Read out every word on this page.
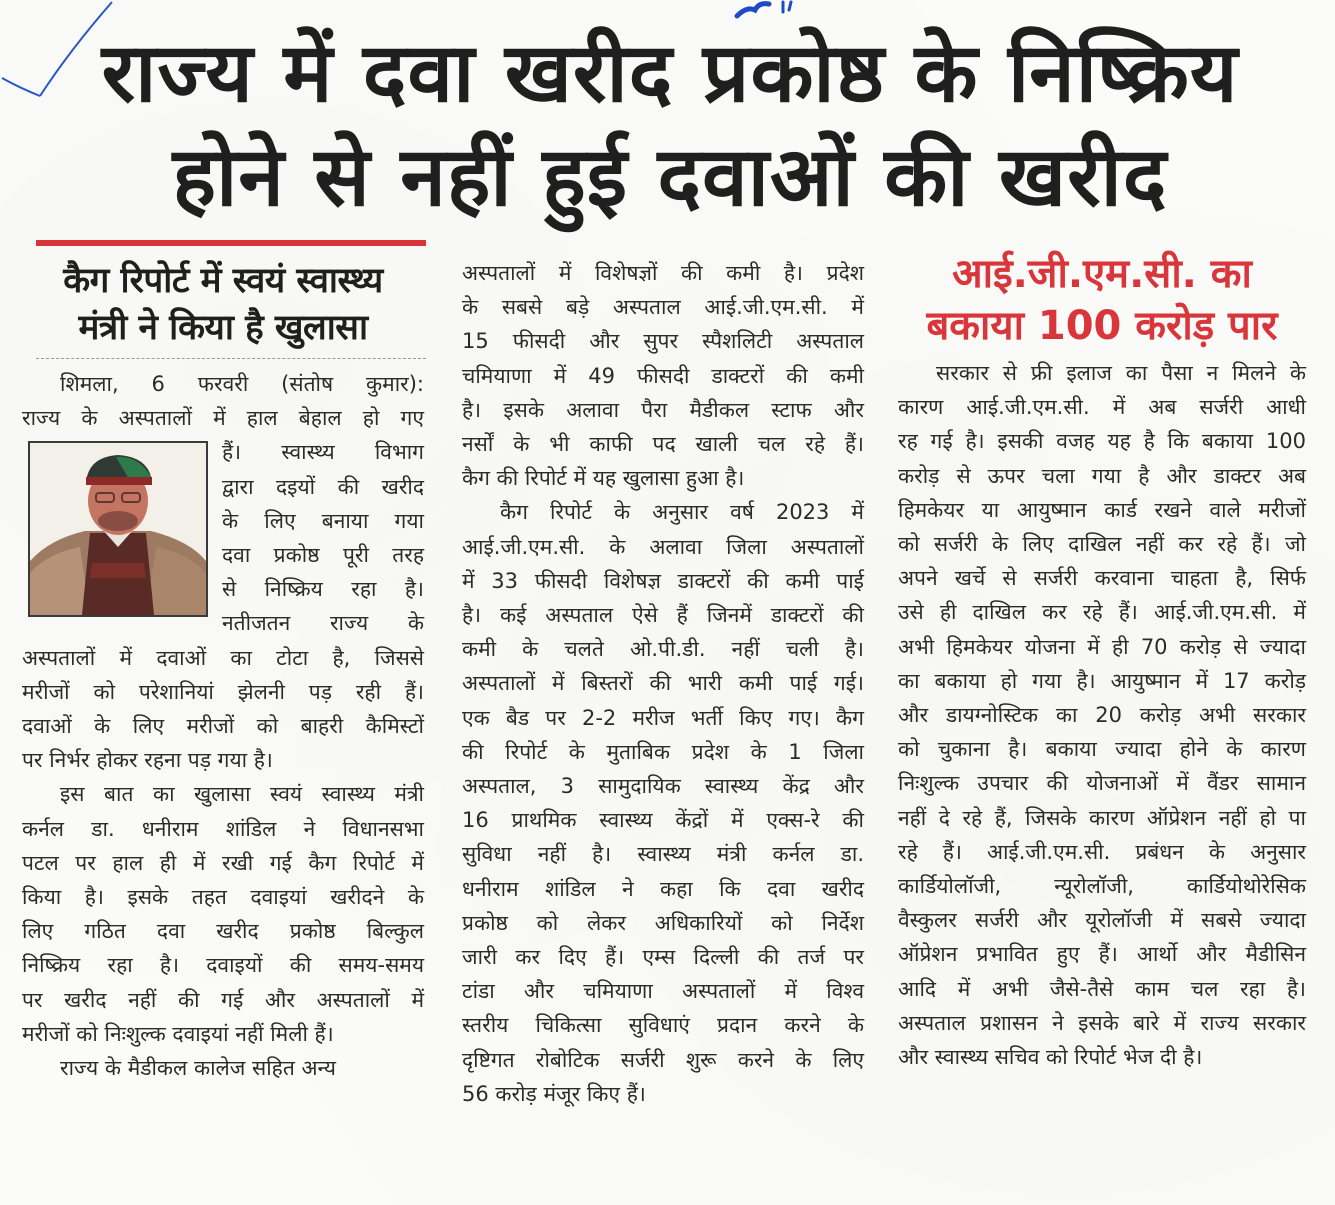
राज्य में दवा खरीद प्रकोष्ठ के निष्क्रिय
होने से नहीं हुई दवाओं की खरीद
कैग रिपोर्ट में स्वयं स्वास्थ्य
मंत्री ने किया है खुलासा
शिमला, 6 फरवरी (संतोष कुमार):
राज्य के अस्पतालों में हाल बेहाल हो गए
हैं। स्वास्थ्य विभाग
द्वारा दइयों की खरीद
के लिए बनाया गया
दवा प्रकोष्ठ पूरी तरह
से निष्क्रिय रहा है।
नतीजतन राज्य के
अस्पतालों में दवाओं का टोटा है, जिससे
मरीजों को परेशानियां झेलनी पड़ रही हैं।
दवाओं के लिए मरीजों को बाहरी कैमिस्टों
पर निर्भर होकर रहना पड़ गया है।
इस बात का खुलासा स्वयं स्वास्थ्य मंत्री
कर्नल डा. धनीराम शांडिल ने विधानसभा
पटल पर हाल ही में रखी गई कैग रिपोर्ट में
किया है। इसके तहत दवाइयां खरीदने के
लिए गठित दवा खरीद प्रकोष्ठ बिल्कुल
निष्क्रिय रहा है। दवाइयों की समय-समय
पर खरीद नहीं की गई और अस्पतालों में
मरीजों को निःशुल्क दवाइयां नहीं मिली हैं।
राज्य के मैडीकल कालेज सहित अन्य
अस्पतालों में विशेषज्ञों की कमी है। प्रदेश
के सबसे बड़े अस्पताल आई.जी.एम.सी. में
15 फीसदी और सुपर स्पैशलिटी अस्पताल
चमियाणा में 49 फीसदी डाक्टरों की कमी
है। इसके अलावा पैरा मैडीकल स्टाफ और
नर्सों के भी काफी पद खाली चल रहे हैं।
कैग की रिपोर्ट में यह खुलासा हुआ है।
कैग रिपोर्ट के अनुसार वर्ष 2023 में
आई.जी.एम.सी. के अलावा जिला अस्पतालों
में 33 फीसदी विशेषज्ञ डाक्टरों की कमी पाई
है। कई अस्पताल ऐसे हैं जिनमें डाक्टरों की
कमी के चलते ओ.पी.डी. नहीं चली है।
अस्पतालों में बिस्तरों की भारी कमी पाई गई।
एक बैड पर 2-2 मरीज भर्ती किए गए। कैग
की रिपोर्ट के मुताबिक प्रदेश के 1 जिला
अस्पताल, 3 सामुदायिक स्वास्थ्य केंद्र और
16 प्राथमिक स्वास्थ्य केंद्रों में एक्स-रे की
सुविधा नहीं है। स्वास्थ्य मंत्री कर्नल डा.
धनीराम शांडिल ने कहा कि दवा खरीद
प्रकोष्ठ को लेकर अधिकारियों को निर्देश
जारी कर दिए हैं। एम्स दिल्ली की तर्ज पर
टांडा और चमियाणा अस्पतालों में विश्व
स्तरीय चिकित्सा सुविधाएं प्रदान करने के
दृष्टिगत रोबोटिक सर्जरी शुरू करने के लिए
56 करोड़ मंजूर किए हैं।
आई.जी.एम.सी. का
बकाया 100 करोड़ पार
सरकार से फ्री इलाज का पैसा न मिलने के
कारण आई.जी.एम.सी. में अब सर्जरी आधी
रह गई है। इसकी वजह यह है कि बकाया 100
करोड़ से ऊपर चला गया है और डाक्टर अब
हिमकेयर या आयुष्मान कार्ड रखने वाले मरीजों
को सर्जरी के लिए दाखिल नहीं कर रहे हैं। जो
अपने खर्चे से सर्जरी करवाना चाहता है, सिर्फ
उसे ही दाखिल कर रहे हैं। आई.जी.एम.सी. में
अभी हिमकेयर योजना में ही 70 करोड़ से ज्यादा
का बकाया हो गया है। आयुष्मान में 17 करोड़
और डायग्नोस्टिक का 20 करोड़ अभी सरकार
को चुकाना है। बकाया ज्यादा होने के कारण
निःशुल्क उपचार की योजनाओं में वैंडर सामान
नहीं दे रहे हैं, जिसके कारण ऑप्रेशन नहीं हो पा
रहे हैं। आई.जी.एम.सी. प्रबंधन के अनुसार
कार्डियोलॉजी, न्यूरोलॉजी, कार्डियोथोरेसिक
वैस्कुलर सर्जरी और यूरोलॉजी में सबसे ज्यादा
ऑप्रेशन प्रभावित हुए हैं। आर्थो और मैडीसिन
आदि में अभी जैसे-तैसे काम चल रहा है।
अस्पताल प्रशासन ने इसके बारे में राज्य सरकार
और स्वास्थ्य सचिव को रिपोर्ट भेज दी है।
